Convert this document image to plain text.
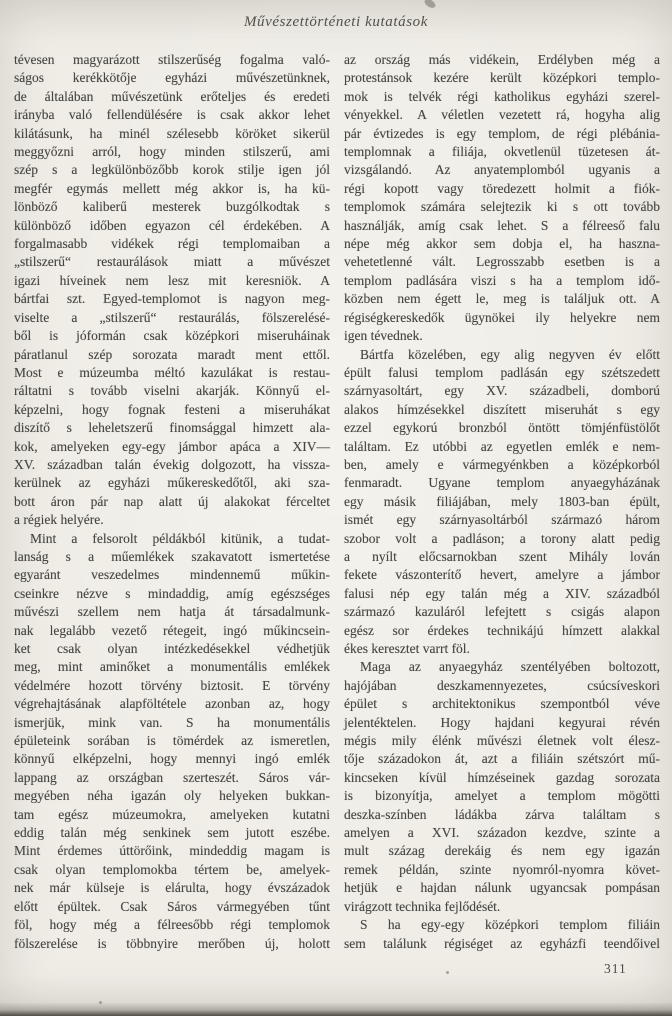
Művészettörténeti kutatások
tévesen magyarázott stilszerűség fogalma való-
ságos kerékkötője egyházi művészetünknek,
de általában művészetünk erőteljes és eredeti
irányba való fellendülésére is csak akkor lehet
kilátásunk, ha minél szélesebb köröket sikerül
meggyőzni arról, hogy minden stilszerű, ami
szép s a legkülönbözőbb korok stilje igen jól
megfér egymás mellett még akkor is, ha kü-
lönböző kaliberű mesterek buzgólkodtak s
különböző időben egyazon cél érdekében. A
forgalmasabb vidékek régi templomaiban a
„stilszerű“ restaurálások miatt a művészet
igazi híveinek nem lesz mit keresniök. A
bártfai szt. Egyed-templomot is nagyon meg-
viselte a „stilszerű“ restaurálás, fölszerelésé-
ből is jóformán csak középkori miseruháinak
páratlanul szép sorozata maradt ment ettől.
Most e múzeumba méltó kazulákat is restau-
ráltatni s tovább viselni akarják. Könnyű el-
képzelni, hogy fognak festeni a miseruhákat
diszítő s leheletszerű finomsággal himzett ala-
kok, amelyeken egy-egy jámbor apáca a XIV—
XV. században talán évekig dolgozott, ha vissza-
kerülnek az egyházi műkereskedőtől, aki sza-
bott áron pár nap alatt új alakokat férceltet
a régiek helyére.
Mint a felsorolt példákból kitünik, a tudat-
lanság s a műemlékek szakavatott ismertetése
egyaránt veszedelmes mindennemű műkin-
cseinkre nézve s mindaddig, amíg egészséges
művészi szellem nem hatja át társadalmunk-
nak legalább vezető rétegeit, ingó műkincsein-
ket csak olyan intézkedésekkel védhetjük
meg, mint aminőket a monumentális emlékek
védelmére hozott törvény biztosit. E törvény
végrehajtásának alapföltétele azonban az, hogy
ismerjük, mink van. S ha monumentális
épületeink sorában is tömérdek az ismeretlen,
könnyű elképzelni, hogy mennyi ingó emlék
lappang az országban szerteszét. Sáros vár-
megyében néha igazán oly helyeken bukkan-
tam egész múzeumokra, amelyeken kutatni
eddig talán még senkinek sem jutott eszébe.
Mint érdemes úttörőink, mindeddig magam is
csak olyan templomokba tértem be, amelyek-
nek már külseje is elárulta, hogy évszázadok
előtt épültek. Csak Sáros vármegyében tűnt
föl, hogy még a félreesőbb régi templomok
fölszerelése is többnyire merőben új, holott
az ország más vidékein, Erdélyben még a
protestánsok kezére került középkori templo-
mok is telvék régi katholikus egyházi szerel-
vényekkel. A véletlen vezetett rá, hogyha alig
pár évtizedes is egy templom, de régi plébánia-
templomnak a filiája, okvetlenül tüzetesen át-
vizsgálandó. Az anyatemplomból ugyanis a
régi kopott vagy töredezett holmit a fiók-
templomok számára selejtezik ki s ott tovább
használják, amíg csak lehet. S a félreeső falu
népe még akkor sem dobja el, ha haszna-
vehetetlenné vált. Legrosszabb esetben is a
templom padlására viszi s ha a templom idő-
közben nem égett le, meg is találjuk ott. A
régiségkereskedők ügynökei ily helyekre nem
igen tévednek.
Bártfa közelében, egy alig negyven év előtt
épült falusi templom padlásán egy szétszedett
szárnyasoltárt, egy XV. századbeli, domború
alakos hímzésekkel diszített miseruhát s egy
ezzel egykorú bronzból öntött tömjénfüstölőt
találtam. Ez utóbbi az egyetlen emlék e nem-
ben, amely e vármegyénkben a középkorból
fenmaradt. Ugyane templom anyaegyházának
egy másik filiájában, mely 1803-ban épült,
ismét egy szárnyasoltárból származó három
szobor volt a padláson; a torony alatt pedig
a nyílt előcsarnokban szent Mihály lován
fekete vászonterítő hevert, amelyre a jámbor
falusi nép egy talán még a XIV. századból
származó kazuláról lefejtett s csigás alapon
egész sor érdekes technikájú hímzett alakkal
ékes keresztet varrt föl.
Maga az anyaegyház szentélyében boltozott,
hajójában deszkamennyezetes, csúcsíveskori
épület s architektonikus szempontból véve
jelentéktelen. Hogy hajdani kegyurai révén
mégis mily élénk művészi életnek volt élesz-
tője századokon át, azt a filiáin szétszórt mű-
kincseken kívül hímzéseinek gazdag sorozata
is bizonyítja, amelyet a templom mögötti
deszka-színben ládákba zárva találtam s
amelyen a XVI. századon kezdve, szinte a
mult százag derekáig és nem egy igazán
remek példán, szinte nyomról-nyomra követ-
hetjük e hajdan nálunk ugyancsak pompásan
virágzott technika fejlődését.
S ha egy-egy középkori templom filiáin
sem találunk régiséget az egyházfi teendőivel
311
